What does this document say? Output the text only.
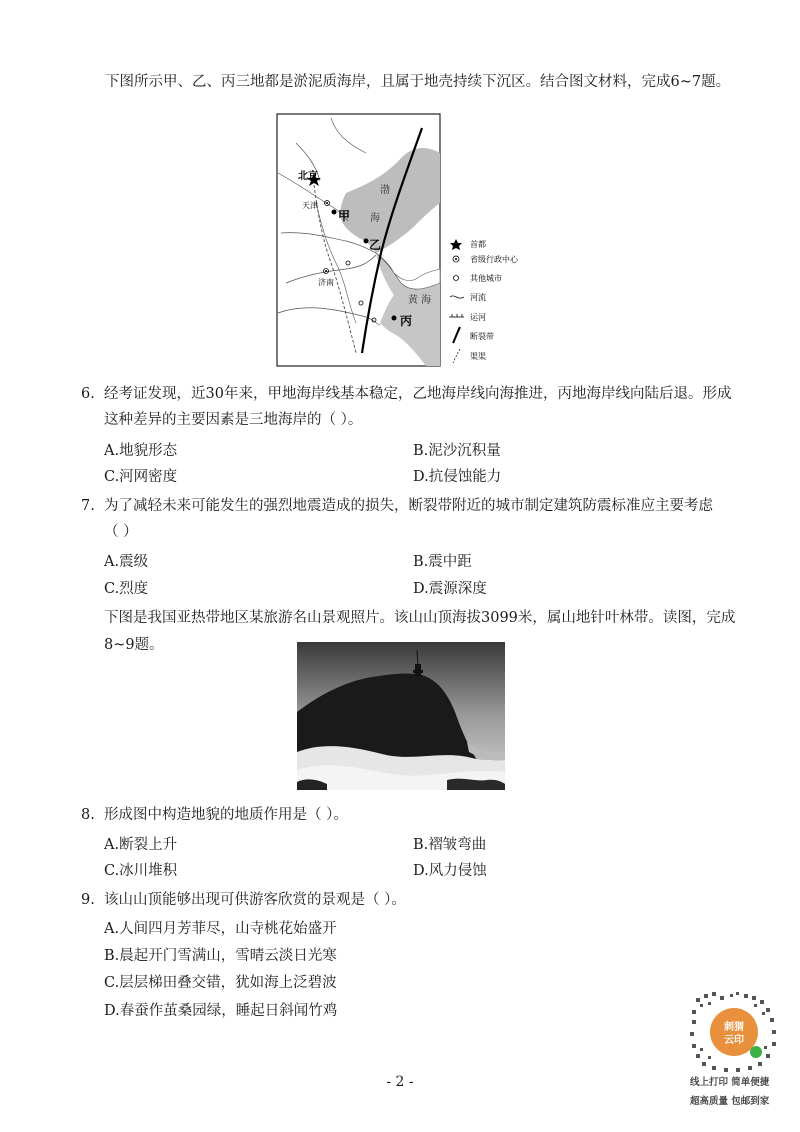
下图所示甲、乙、丙三地都是淤泥质海岸，且属于地壳持续下沉区。结合图文材料，完成6~7题。
北京
天津
甲
乙
丙
渤
海
黄 海
济南
首都
省级行政中心
其他城市
河流
运河
断裂带
渠渠
6. 经考证发现，近30年来，甲地海岸线基本稳定，乙地海岸线向海推进，丙地海岸线向陆后退。形成
这种差异的主要因素是三地海岸的（ ）。
A.地貌形态	B.泥沙沉积量
C.河网密度	D.抗侵蚀能力
7. 为了减轻未来可能发生的强烈地震造成的损失，断裂带附近的城市制定建筑防震标准应主要考虑
（ ）
A.震级	B.震中距
C.烈度	D.震源深度
下图是我国亚热带地区某旅游名山景观照片。该山山顶海拔3099米，属山地针叶林带。读图，完成
8~9题。
8. 形成图中构造地貌的地质作用是（ ）。
A.断裂上升	B.褶皱弯曲
C.冰川堆积	D.风力侵蚀
9. 该山山顶能够出现可供游客欣赏的景观是（ ）。
A.人间四月芳菲尽，山寺桃花始盛开
B.晨起开门雪满山，雪晴云淡日光寒
C.层层梯田叠交错，犹如海上泛碧波
D.春蚕作茧桑园绿，睡起日斜闻竹鸡
- 2 -
刺猬
云印
线上打印 简单便捷
超高质量 包邮到家
